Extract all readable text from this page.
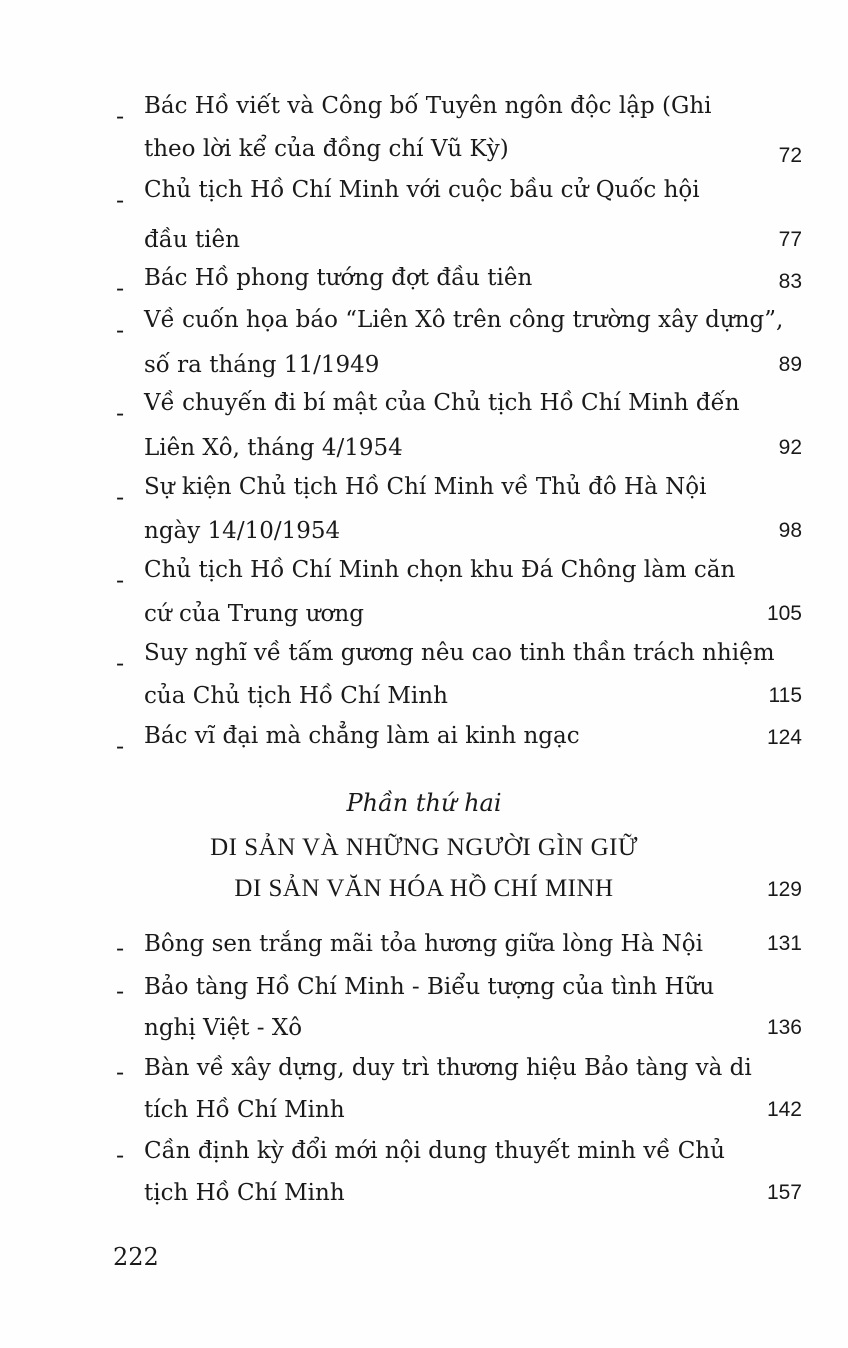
- Bác Hồ viết và Công bố Tuyên ngôn độc lập (Ghi
theo lời kể của đồng chí Vũ Kỳ)	72
- Chủ tịch Hồ Chí Minh với cuộc bầu cử Quốc hội
đầu tiên	77
- Bác Hồ phong tướng đợt đầu tiên	83
- Về cuốn họa báo “Liên Xô trên công trường xây dựng”,
số ra tháng 11/1949	89
- Về chuyến đi bí mật của Chủ tịch Hồ Chí Minh đến
Liên Xô, tháng 4/1954	92
- Sự kiện Chủ tịch Hồ Chí Minh về Thủ đô Hà Nội
ngày 14/10/1954	98
- Chủ tịch Hồ Chí Minh chọn khu Đá Chông làm căn
cứ của Trung ương	105
- Suy nghĩ về tấm gương nêu cao tinh thần trách nhiệm
của Chủ tịch Hồ Chí Minh	115
- Bác vĩ đại mà chẳng làm ai kinh ngạc	124
Phần thứ hai
DI SẢN VÀ NHỮNG NGƯỜI GÌN GIỮ
DI SẢN VĂN HÓA HỒ CHÍ MINH	129
- Bông sen trắng mãi tỏa hương giữa lòng Hà Nội	131
- Bảo tàng Hồ Chí Minh - Biểu tượng của tình Hữu
nghị Việt - Xô	136
- Bàn về xây dựng, duy trì thương hiệu Bảo tàng và di
tích Hồ Chí Minh	142
- Cần định kỳ đổi mới nội dung thuyết minh về Chủ
tịch Hồ Chí Minh	157
222
